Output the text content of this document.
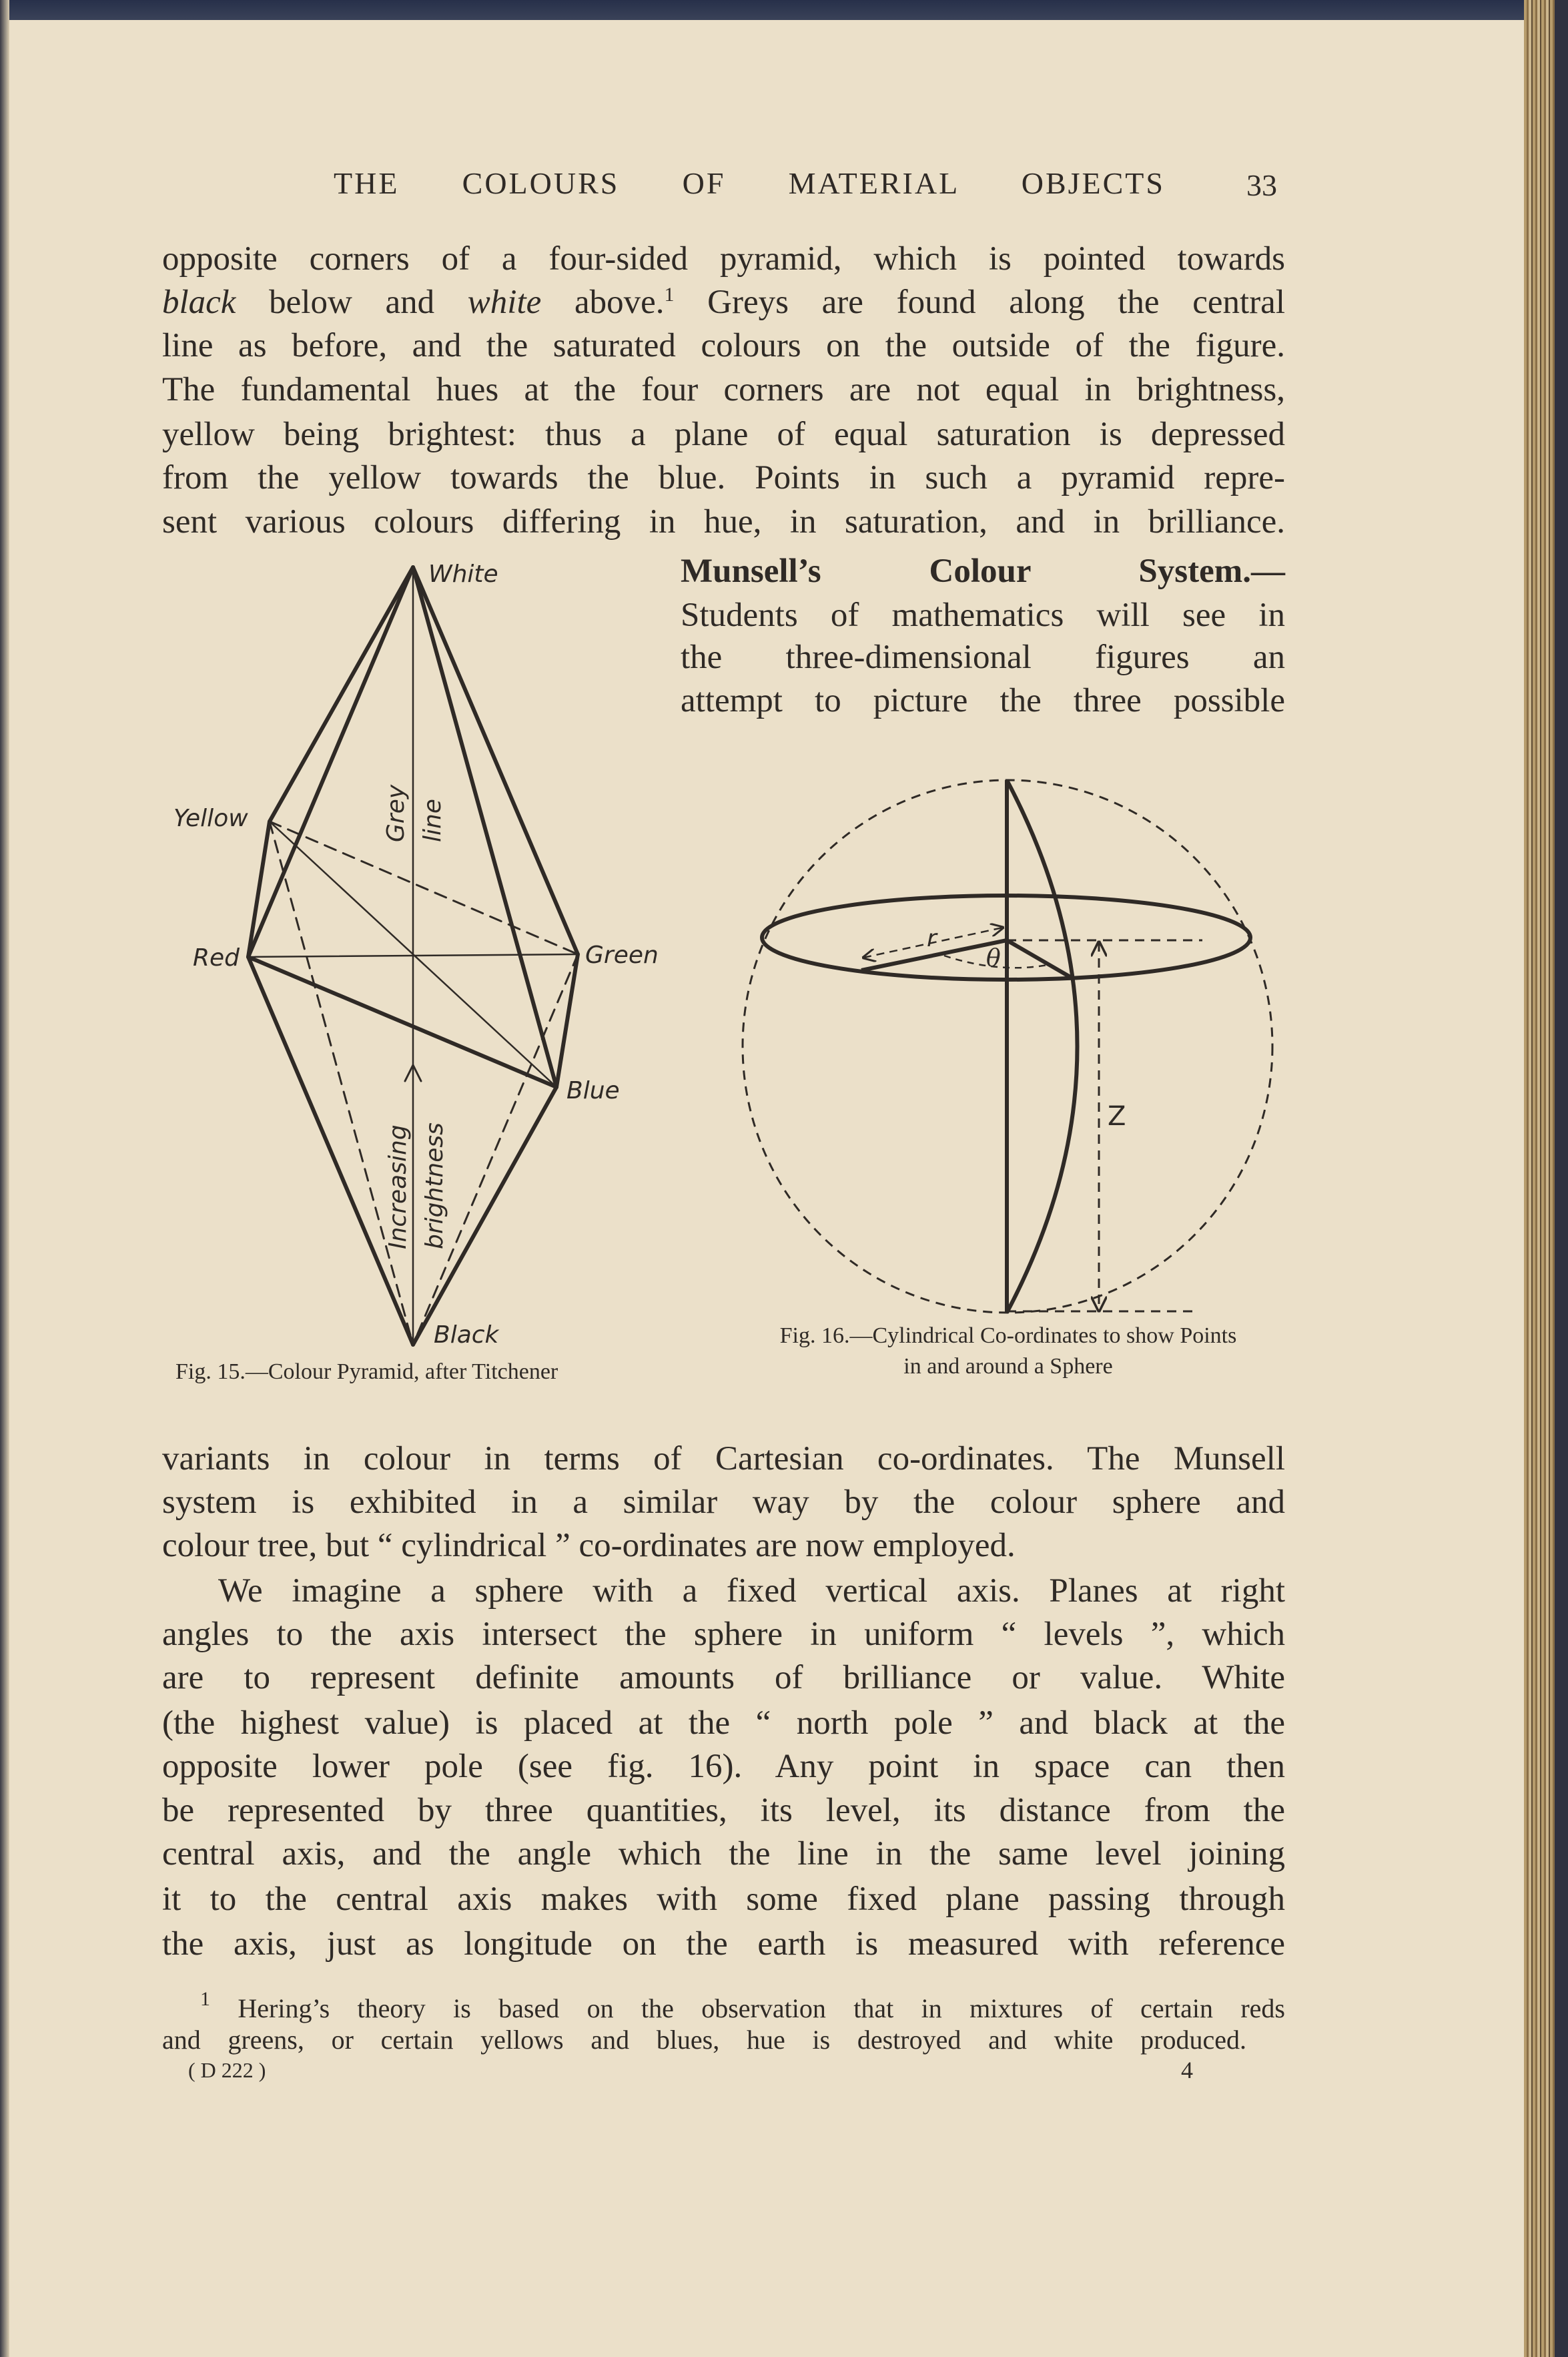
THE COLOURS OF MATERIAL OBJECTS	33
opposite corners of a four-sided pyramid, which is pointed towards
black below and white above.$^1$ Greys are found along the central
line as before, and the saturated colours on the outside of the figure.
The fundamental hues at the four corners are not equal in brightness,
yellow being brightest: thus a plane of equal saturation is depressed
from the yellow towards the blue. Points in such a pyramid repre-
sent various colours differing in hue, in saturation, and in brilliance.
Munsell’s Colour System.—
Students of mathematics will see in
the three-dimensional figures an
attempt to picture the three possible
White
Yellow
Red	Green
Blue
Black
Grey line
Increasing brightness
r
θ
Z
Fig. 15.—Colour Pyramid, after Titchener
Fig. 16.—Cylindrical Co-ordinates to show Points
in and around a Sphere
variants in colour in terms of Cartesian co-ordinates. The Munsell
system is exhibited in a similar way by the colour sphere and
colour tree, but “ cylindrical ” co-ordinates are now employed.
We imagine a sphere with a fixed vertical axis. Planes at right
angles to the axis intersect the sphere in uniform “ levels ”, which
are to represent definite amounts of brilliance or value. White
(the highest value) is placed at the “ north pole ” and black at the
opposite lower pole (see fig. 16). Any point in space can then
be represented by three quantities, its level, its distance from the
central axis, and the angle which the line in the same level joining
it to the central axis makes with some fixed plane passing through
the axis, just as longitude on the earth is measured with reference
$^1$ Hering’s theory is based on the observation that in mixtures of certain reds
and greens, or certain yellows and blues, hue is destroyed and white produced.
( D 222 )	4
